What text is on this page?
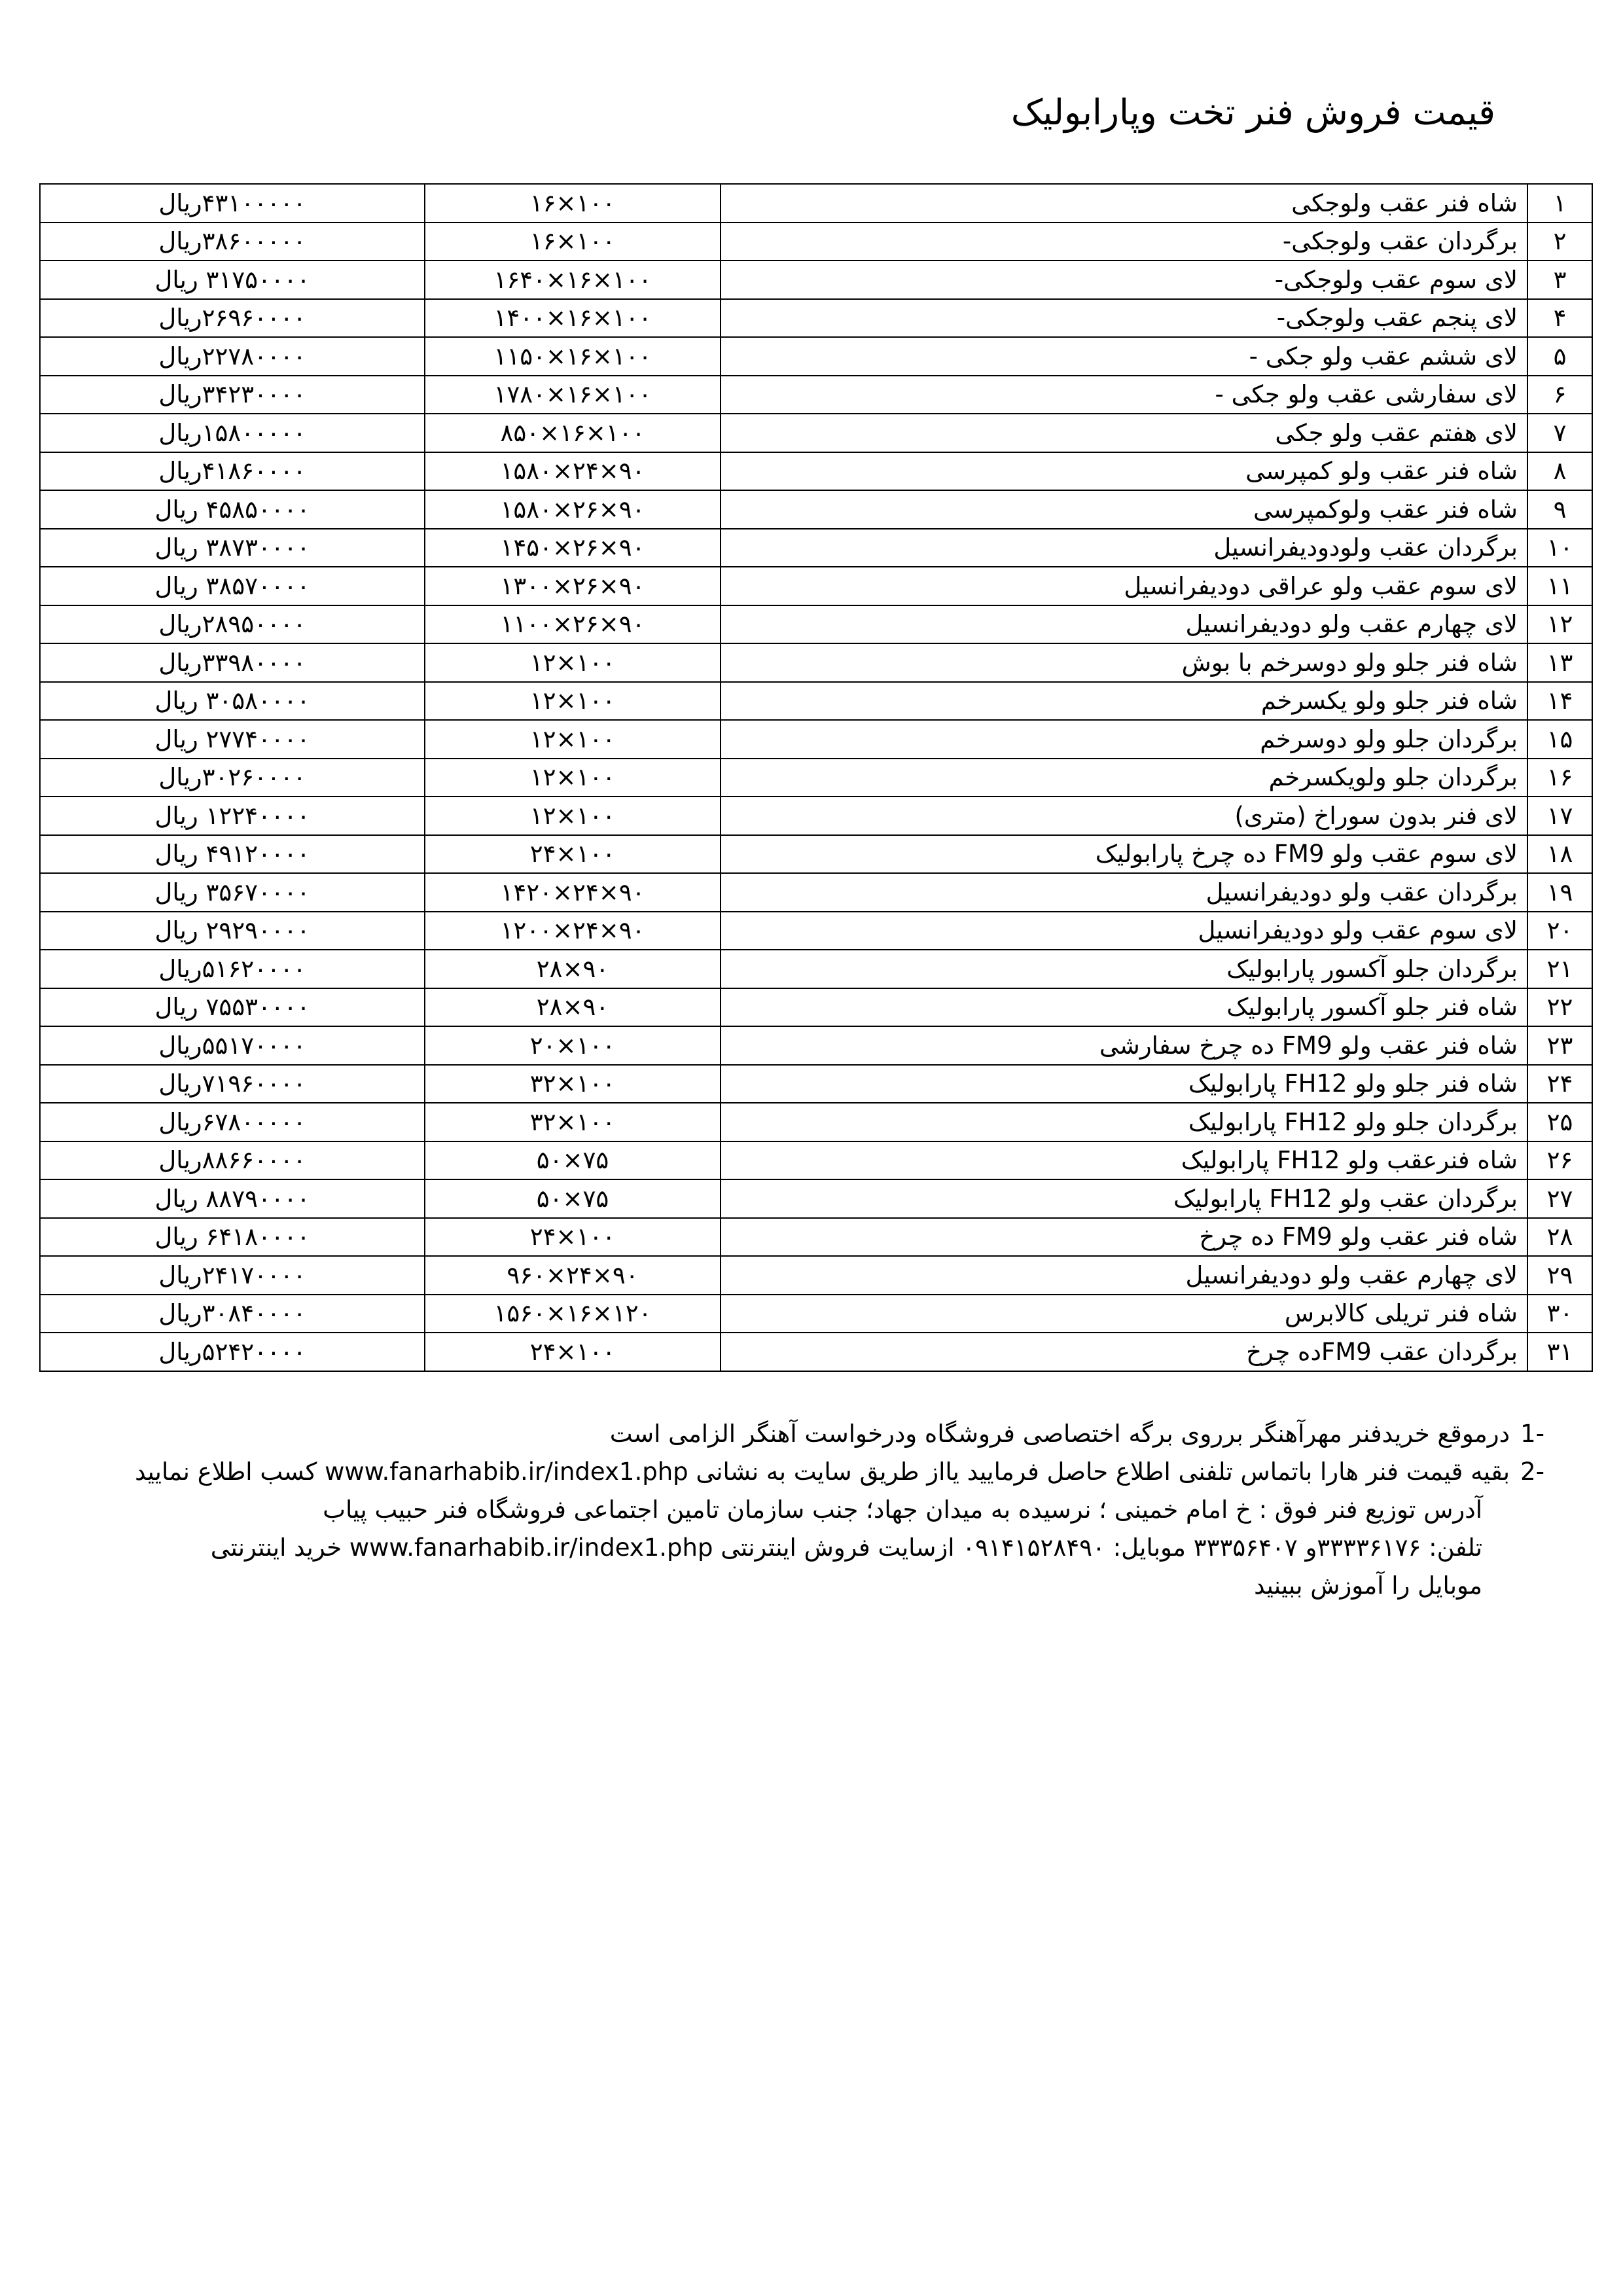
قیمت فروش فنر تخت وپارابولیک
۱	شاه فنر عقب ولوجکی	۱۰۰×۱۶	۴۳۱۰۰۰۰۰ریال
۲	برگردان عقب ولوجکی-	۱۰۰×۱۶	۳۸۶۰۰۰۰۰ریال
۳	لای سوم عقب ولوجکی-	۱۰۰×۱۶×۱۶۴۰	۳۱۷۵۰۰۰۰ ریال
۴	لای پنجم عقب ولوجکی-	۱۰۰×۱۶×۱۴۰۰	۲۶۹۶۰۰۰۰ریال
۵	لای ششم عقب ولو جکی -	۱۰۰×۱۶×۱۱۵۰	۲۲۷۸۰۰۰۰ریال
۶	لای سفارشی عقب ولو جکی -	۱۰۰×۱۶×۱۷۸۰	۳۴۲۳۰۰۰۰ریال
۷	لای هفتم عقب ولو جکی	۱۰۰×۱۶×۸۵۰	۱۵۸۰۰۰۰۰ریال
۸	شاه فنر عقب ولو کمپرسی	۹۰×۲۴×۱۵۸۰	۴۱۸۶۰۰۰۰ریال
۹	شاه فنر عقب ولوکمپرسی	۹۰×۲۶×۱۵۸۰	۴۵۸۵۰۰۰۰ ریال
۱۰	برگردان عقب ولودودیفرانسیل	۹۰×۲۶×۱۴۵۰	۳۸۷۳۰۰۰۰ ریال
۱۱	لای سوم عقب ولو عراقی دودیفرانسیل	۹۰×۲۶×۱۳۰۰	۳۸۵۷۰۰۰۰ ریال
۱۲	لای چهارم عقب ولو دودیفرانسیل	۹۰×۲۶×۱۱۰۰	۲۸۹۵۰۰۰۰ریال
۱۳	شاه فنر جلو ولو دوسرخم با بوش	۱۰۰×۱۲	۳۳۹۸۰۰۰۰ریال
۱۴	شاه فنر جلو ولو یکسرخم	۱۰۰×۱۲	۳۰۵۸۰۰۰۰ ریال
۱۵	برگردان جلو ولو دوسرخم	۱۰۰×۱۲	۲۷۷۴۰۰۰۰ ریال
۱۶	برگردان جلو ولویکسرخم	۱۰۰×۱۲	۳۰۲۶۰۰۰۰ریال
۱۷	لای فنر بدون سوراخ (متری)	۱۰۰×۱۲	۱۲۲۴۰۰۰۰ ریال
۱۸	لای سوم عقب ولو FM9 ده چرخ پارابولیک	۱۰۰×۲۴	۴۹۱۲۰۰۰۰ ریال
۱۹	برگردان عقب ولو دودیفرانسیل	۹۰×۲۴×۱۴۲۰	۳۵۶۷۰۰۰۰ ریال
۲۰	لای سوم عقب ولو دودیفرانسیل	۹۰×۲۴×۱۲۰۰	۲۹۲۹۰۰۰۰ ریال
۲۱	برگردان جلو آکسور پارابولیک	۹۰×۲۸	۵۱۶۲۰۰۰۰ریال
۲۲	شاه فنر جلو آکسور پارابولیک	۹۰×۲۸	۷۵۵۳۰۰۰۰ ریال
۲۳	شاه فنر عقب ولو FM9 ده چرخ سفارشی	۱۰۰×۲۰	۵۵۱۷۰۰۰۰ریال
۲۴	شاه فنر جلو ولو FH12 پارابولیک	۱۰۰×۳۲	۷۱۹۶۰۰۰۰ریال
۲۵	برگردان جلو ولو FH12 پارابولیک	۱۰۰×۳۲	۶۷۸۰۰۰۰۰ریال
۲۶	شاه فنرعقب ولو FH12 پارابولیک	۷۵×۵۰	۸۸۶۶۰۰۰۰ریال
۲۷	برگردان عقب ولو FH12 پارابولیک	۷۵×۵۰	۸۸۷۹۰۰۰۰ ریال
۲۸	شاه فنر عقب ولو FM9 ده چرخ	۱۰۰×۲۴	۶۴۱۸۰۰۰۰ ریال
۲۹	لای چهارم عقب ولو دودیفرانسیل	۹۰×۲۴×۹۶۰	۲۴۱۷۰۰۰۰ریال
۳۰	شاه فنر تریلی کالابرس	۱۲۰×۱۶×۱۵۶۰	۳۰۸۴۰۰۰۰ریال
۳۱	برگردان عقب FM9ده چرخ	۱۰۰×۲۴	۵۲۴۲۰۰۰۰ریال
-1
درموقع خریدفنر مهرآهنگر برروی برگه اختصاصی فروشگاه ودرخواست آهنگر الزامی است
-2
بقیه قیمت فنر هارا باتماس تلفنی اطلاع حاصل فرمایید یااز طریق سایت به نشانی www.fanarhabib.ir/index1.php کسب اطلاع نمایید
آدرس توزیع فنر فوق : خ امام خمینی ؛ نرسیده به میدان جهاد؛ جنب سازمان تامین اجتماعی فروشگاه فنر حبیب پیاب
تلفن: ۳۳۳۳۶۱۷۶و ۳۳۳۵۶۴۰۷ موبایل: ۰۹۱۴۱۵۲۸۴۹۰ ازسایت فروش اینترنتی www.fanarhabib.ir/index1.php خرید اینترنتی
موبایل را آموزش ببینید
